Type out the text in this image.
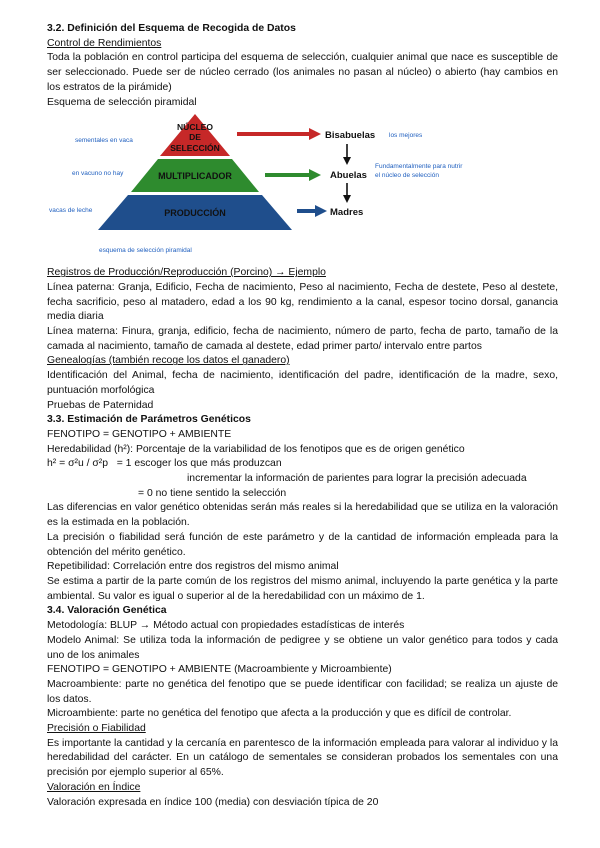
3.2. Definición del Esquema de Recogida de Datos

Control de Rendimientos

Toda la población en control participa del esquema de selección, cualquier animal que nace es susceptible de ser seleccionado. Puede ser de núcleo cerrado (los animales no pasan al núcleo) o abierto (hay cambios en los estratos de la pirámide)

Esquema de selección piramidal

NÚCLEO
DE
SELECCIÓN
MULTIPLICADOR
PRODUCCIÓN
sementales en vaca
en vacuno no hay
vacas de leche
Bisabuelas los mejores
Abuelas
Fundamentalmente para nutrir
el núcleo de selección
Madres
esquema de selección piramidal

Registros de Producción/Reproducción (Porcino) → Ejemplo

Línea paterna: Granja, Edificio, Fecha de nacimiento, Peso al nacimiento, Fecha de destete, Peso al destete, fecha sacrificio, peso al matadero, edad a los 90 kg, rendimiento a la canal, espesor tocino dorsal, ganancia media diaria

Línea materna: Finura, granja, edificio, fecha de nacimiento, número de parto, fecha de parto, tamaño de la camada al nacimiento, tamaño de camada al destete, edad primer parto/ intervalo entre partos

Genealogías (también recoge los datos el ganadero)

Identificación del Animal, fecha de nacimiento, identificación del padre, identificación de la madre, sexo, puntuación morfológica

Pruebas de Paternidad

3.3. Estimación de Parámetros Genéticos

FENOTIPO = GENOTIPO + AMBIENTE

Heredabilidad (h²): Porcentaje de la variabilidad de los fenotipos que es de origen genético

h² = σ²u / σ²p   = 1 escoger los que más produzcan

incrementar la información de parientes para lograr la precisión adecuada

= 0 no tiene sentido la selección

Las diferencias en valor genético obtenidas serán más reales si la heredabilidad que se utiliza en la valoración es la estimada en la población.

La precisión o fiabilidad será función de este parámetro y de la cantidad de información empleada para la obtención del mérito genético.

Repetibilidad: Correlación entre dos registros del mismo animal

Se estima a partir de la parte común de los registros del mismo animal, incluyendo la parte genética y la parte ambiental. Su valor es igual o superior al de la heredabilidad con un máximo de 1.

3.4. Valoración Genética

Metodología: BLUP → Método actual con propiedades estadísticas de interés

Modelo Animal: Se utiliza toda la información de pedigree y se obtiene un valor genético para todos y cada uno de los animales

FENOTIPO = GENOTIPO + AMBIENTE (Macroambiente y Microambiente)

Macroambiente: parte no genética del fenotipo que se puede identificar con facilidad; se realiza un ajuste de los datos.

Microambiente: parte no genética del fenotipo que afecta a la producción y que es difícil de controlar.

Precisión o Fiabilidad

Es importante la cantidad y la cercanía en parentesco de la información empleada para valorar al individuo y la heredabilidad del carácter. En un catálogo de sementales se consideran probados los sementales con una precisión por ejemplo superior al 65%.

Valoración en Índice

Valoración expresada en índice 100 (media) con desviación típica de 20
